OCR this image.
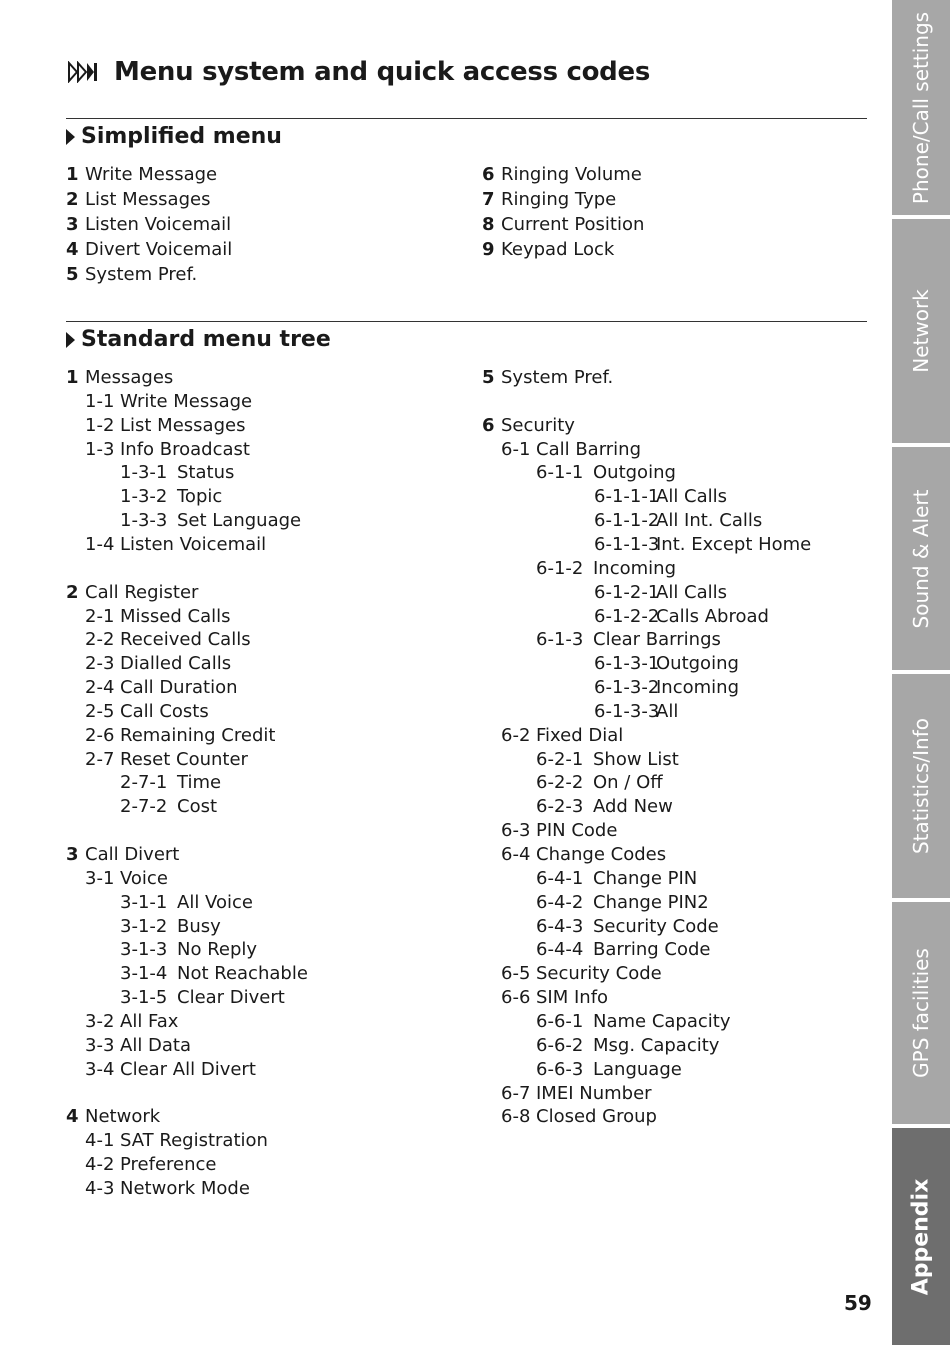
Menu system and quick access codes
Simplified menu
1 Write Message
2 List Messages
3 Listen Voicemail
4 Divert Voicemail
5 System Pref.
6 Ringing Volume
7 Ringing Type
8 Current Position
9 Keypad Lock
Standard menu tree
1 Messages
1-1 Write Message
1-2 List Messages
1-3 Info Broadcast
1-3-1 Status
1-3-2 Topic
1-3-3 Set Language
1-4 Listen Voicemail
2 Call Register
2-1 Missed Calls
2-2 Received Calls
2-3 Dialled Calls
2-4 Call Duration
2-5 Call Costs
2-6 Remaining Credit
2-7 Reset Counter
2-7-1 Time
2-7-2 Cost
3 Call Divert
3-1 Voice
3-1-1 All Voice
3-1-2 Busy
3-1-3 No Reply
3-1-4 Not Reachable
3-1-5 Clear Divert
3-2 All Fax
3-3 All Data
3-4 Clear All Divert
4 Network
4-1 SAT Registration
4-2 Preference
4-3 Network Mode
5 System Pref.
6 Security
6-1 Call Barring
6-1-1 Outgoing
6-1-1-1All Calls
6-1-1-2All Int. Calls
6-1-1-3Int. Except Home
6-1-2 Incoming
6-1-2-1All Calls
6-1-2-2Calls Abroad
6-1-3 Clear Barrings
6-1-3-1Outgoing
6-1-3-2Incoming
6-1-3-3All
6-2 Fixed Dial
6-2-1 Show List
6-2-2 On / Off
6-2-3 Add New
6-3 PIN Code
6-4 Change Codes
6-4-1 Change PIN
6-4-2 Change PIN2
6-4-3 Security Code
6-4-4 Barring Code
6-5 Security Code
6-6 SIM Info
6-6-1 Name Capacity
6-6-2 Msg. Capacity
6-6-3 Language
6-7 IMEI Number
6-8 Closed Group
Phone/Call settings
Network
Sound & Alert
Statistics/Info
GPS facilities
Appendix
59
